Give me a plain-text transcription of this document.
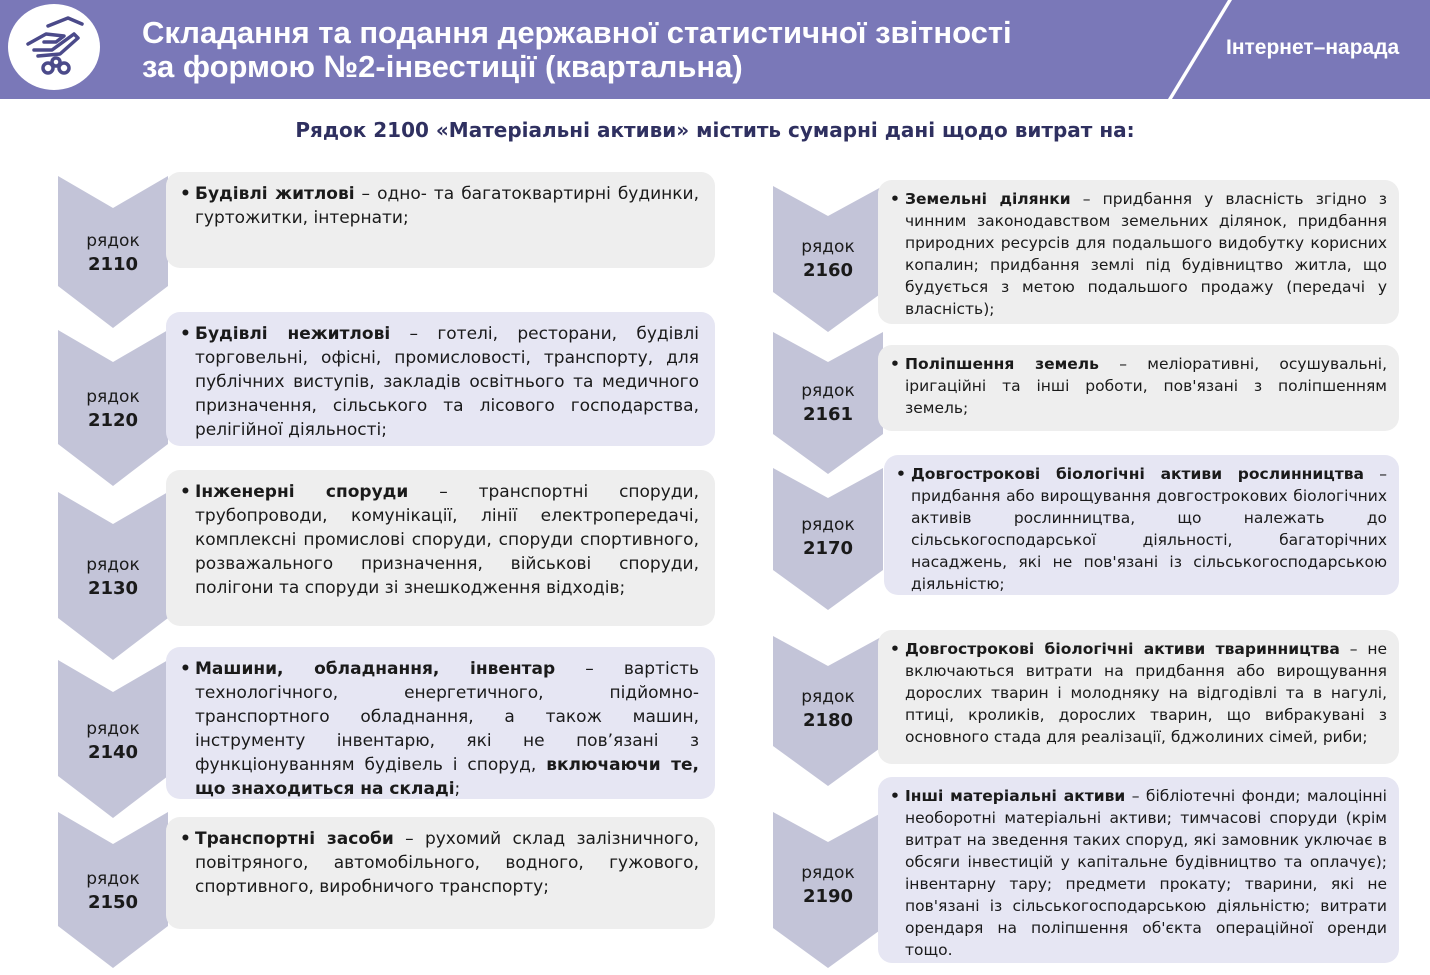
Складання та подання державної статистичної звітності
за формою №2-інвестиції (квартальна)
Інтернет–нарада
Рядок 2100 «Матеріальні активи» містить сумарні дані щодо витрат на:
рядок
2110
• Будівлі житлові – одно- та багатоквартирні будинки, гуртожитки, інтернати;
рядок
2120
• Будівлі нежитлові – готелі, ресторани, будівлі торговельні, офісні, промисловості, транспорту, для публічних виступів, закладів освітнього та медичного призначення, сільського та лісового господарства, релігійної діяльності;
рядок
2130
• Інженерні споруди – транспортні споруди, трубопроводи, комунікації, лінії електропередачі, комплексні промислові споруди, споруди спортивного, розважального призначення, військові споруди, полігони та споруди зі знешкодження відходів;
рядок
2140
• Машини, обладнання, інвентар – вартість технологічного, енергетичного, підйомно-транспортного обладнання, а також машин, інструменту інвентарю, які не пов’язані з функціонуванням будівель і споруд, включаючи те, що знаходиться на складі;
рядок
2150
• Транспортні засоби – рухомий склад залізничного, повітряного, автомобільного, водного, гужового, спортивного, виробничого транспорту;
рядок
2160
• Земельні ділянки – придбання у власність згідно з чинним законодавством земельних ділянок, придбання природних ресурсів для подальшого видобутку корисних копалин; придбання землі під будівництво житла, що будується з метою подальшого продажу (передачі у власність);
рядок
2161
• Поліпшення земель – меліоративні, осушувальні, іригаційні та інші роботи, пов'язані з поліпшенням земель;
рядок
2170
• Довгострокові біологічні активи рослинництва – придбання або вирощування довгострокових біологічних активів рослинництва, що належать до сільськогосподарської діяльності, багаторічних насаджень, які не пов'язані із сільськогосподарською діяльністю;
рядок
2180
• Довгострокові біологічні активи тваринництва – не включаються витрати на придбання або вирощування дорослих тварин і молодняку на відгодівлі та в нагулі, птиці, кроликів, дорослих тварин, що вибракувані з основного стада для реалізації, бджолиних сімей, риби;
рядок
2190
• Інші матеріальні активи – бібліотечні фонди; малоцінні необоротні матеріальні активи; тимчасові споруди (крім витрат на зведення таких споруд, які замовник уключає в обсяги інвестицій у капітальне будівництво та оплачує); інвентарну тару; предмети прокату; тварини, які не пов'язані із сільськогосподарською діяльністю; витрати орендаря на поліпшення об'єкта операційної оренди тощо.
